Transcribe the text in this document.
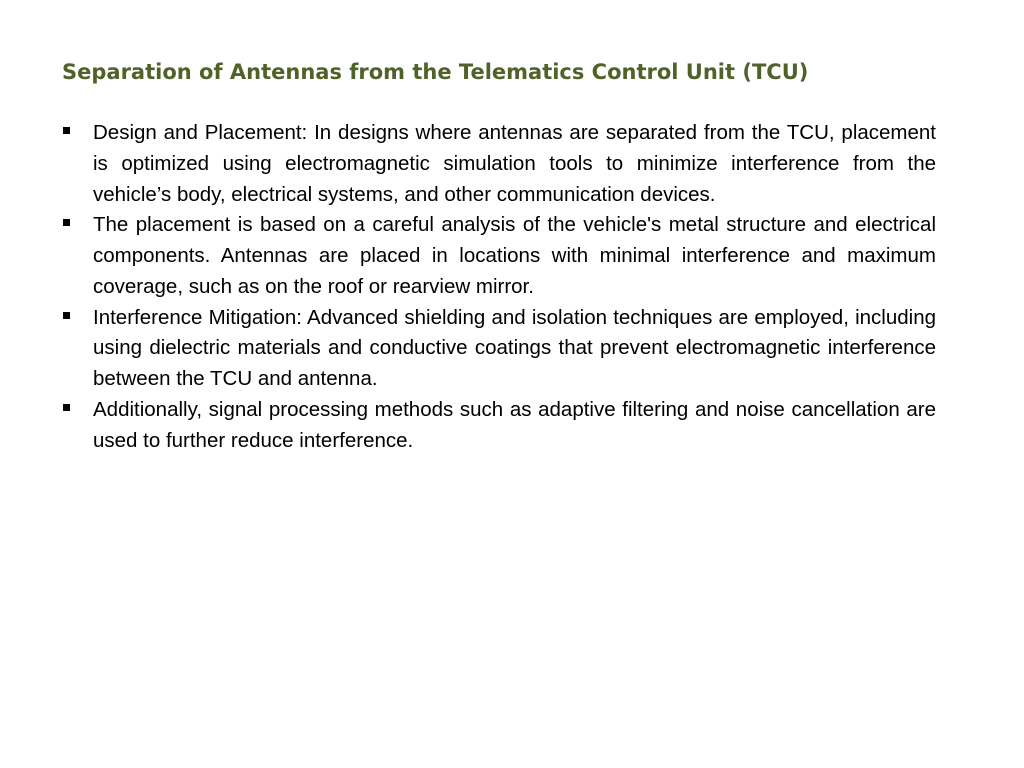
Separation of Antennas from the Telematics Control Unit (TCU)
Design and Placement: In designs where antennas are separated from the TCU, placement is optimized using electromagnetic simulation tools to minimize interference from the vehicle’s body, electrical systems, and other communication devices.
The placement is based on a careful analysis of the vehicle's metal structure and electrical components. Antennas are placed in locations with minimal interference and maximum coverage, such as on the roof or rearview mirror.
Interference Mitigation: Advanced shielding and isolation techniques are employed, including using dielectric materials and conductive coatings that prevent electromagnetic interference between the TCU and antenna.
Additionally, signal processing methods such as adaptive filtering and noise cancellation are used to further reduce interference.
